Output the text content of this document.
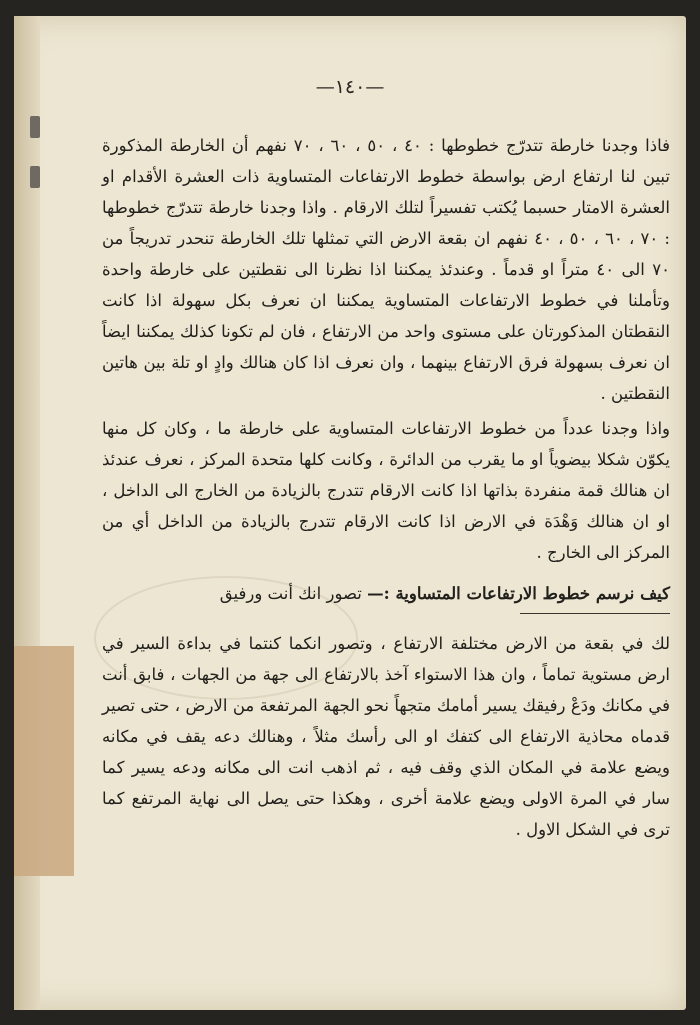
—١٤٠—

فاذا وجدنا خارطة تتدرّج خطوطها : ٤٠ ، ٥٠ ، ٦٠ ، ٧٠ نفهم أن الخارطة المذكورة تبين لنا ارتفاع ارض بواسطة خطوط الارتفاعات المتساوية ذات العشرة الأقدام او العشرة الامتار حسبما يُكتب تفسيراً لتلك الارقام . واذا وجدنا خارطة تتدرّج خطوطها : ٧٠ ، ٦٠ ، ٥٠ ، ٤٠ نفهم ان بقعة الارض التي تمثلها تلك الخارطة تنحدر تدريجاً من ٧٠ الى ٤٠ متراً او قدماً . وعندئذ يمكننا اذا نظرنا الى نقطتين على خارطة واحدة وتأملنا في خطوط الارتفاعات المتساوية يمكننا ان نعرف بكل سهولة اذا كانت النقطتان المذكورتان على مستوى واحد من الارتفاع ، فان لم تكونا كذلك يمكننا ايضاً ان نعرف بسهولة فرق الارتفاع بينهما ، وان نعرف اذا كان هنالك وادٍ او تلة بين هاتين النقطتين .

واذا وجدنا عدداً من خطوط الارتفاعات المتساوية على خارطة ما ، وكان كل منها يكوّن شكلا بيضوياً او ما يقرب من الدائرة ، وكانت كلها متحدة المركز ، نعرف عندئذ ان هنالك قمة منفردة بذاتها اذا كانت الارقام تتدرج بالزيادة من الخارج الى الداخل ، او ان هنالك وَهْدَة في الارض اذا كانت الارقام تتدرج بالزيادة من الداخل أي من المركز الى الخارج .

كيف نرسم خطوط الارتفاعات المتساوية :— تصور انك أنت ورفيق

لك في بقعة من الارض مختلفة الارتفاع ، وتصور انكما كنتما في بداءة السير في ارض مستوية تماماً ، وان هذا الاستواء آخذ بالارتفاع الى جهة من الجهات ، فابق أنت في مكانك ودَعْ رفيقك يسير أمامك متجهاً نحو الجهة المرتفعة من الارض ، حتى تصير قدماه محاذية الارتفاع الى كتفك او الى رأسك مثلاً ، وهنالك دعه يقف في مكانه ويضع علامة في المكان الذي وقف فيه ، ثم اذهب انت الى مكانه ودعه يسير كما سار في المرة الاولى ويضع علامة أخرى ، وهكذا حتى يصل الى نهاية المرتفع كما ترى في الشكل الاول .
